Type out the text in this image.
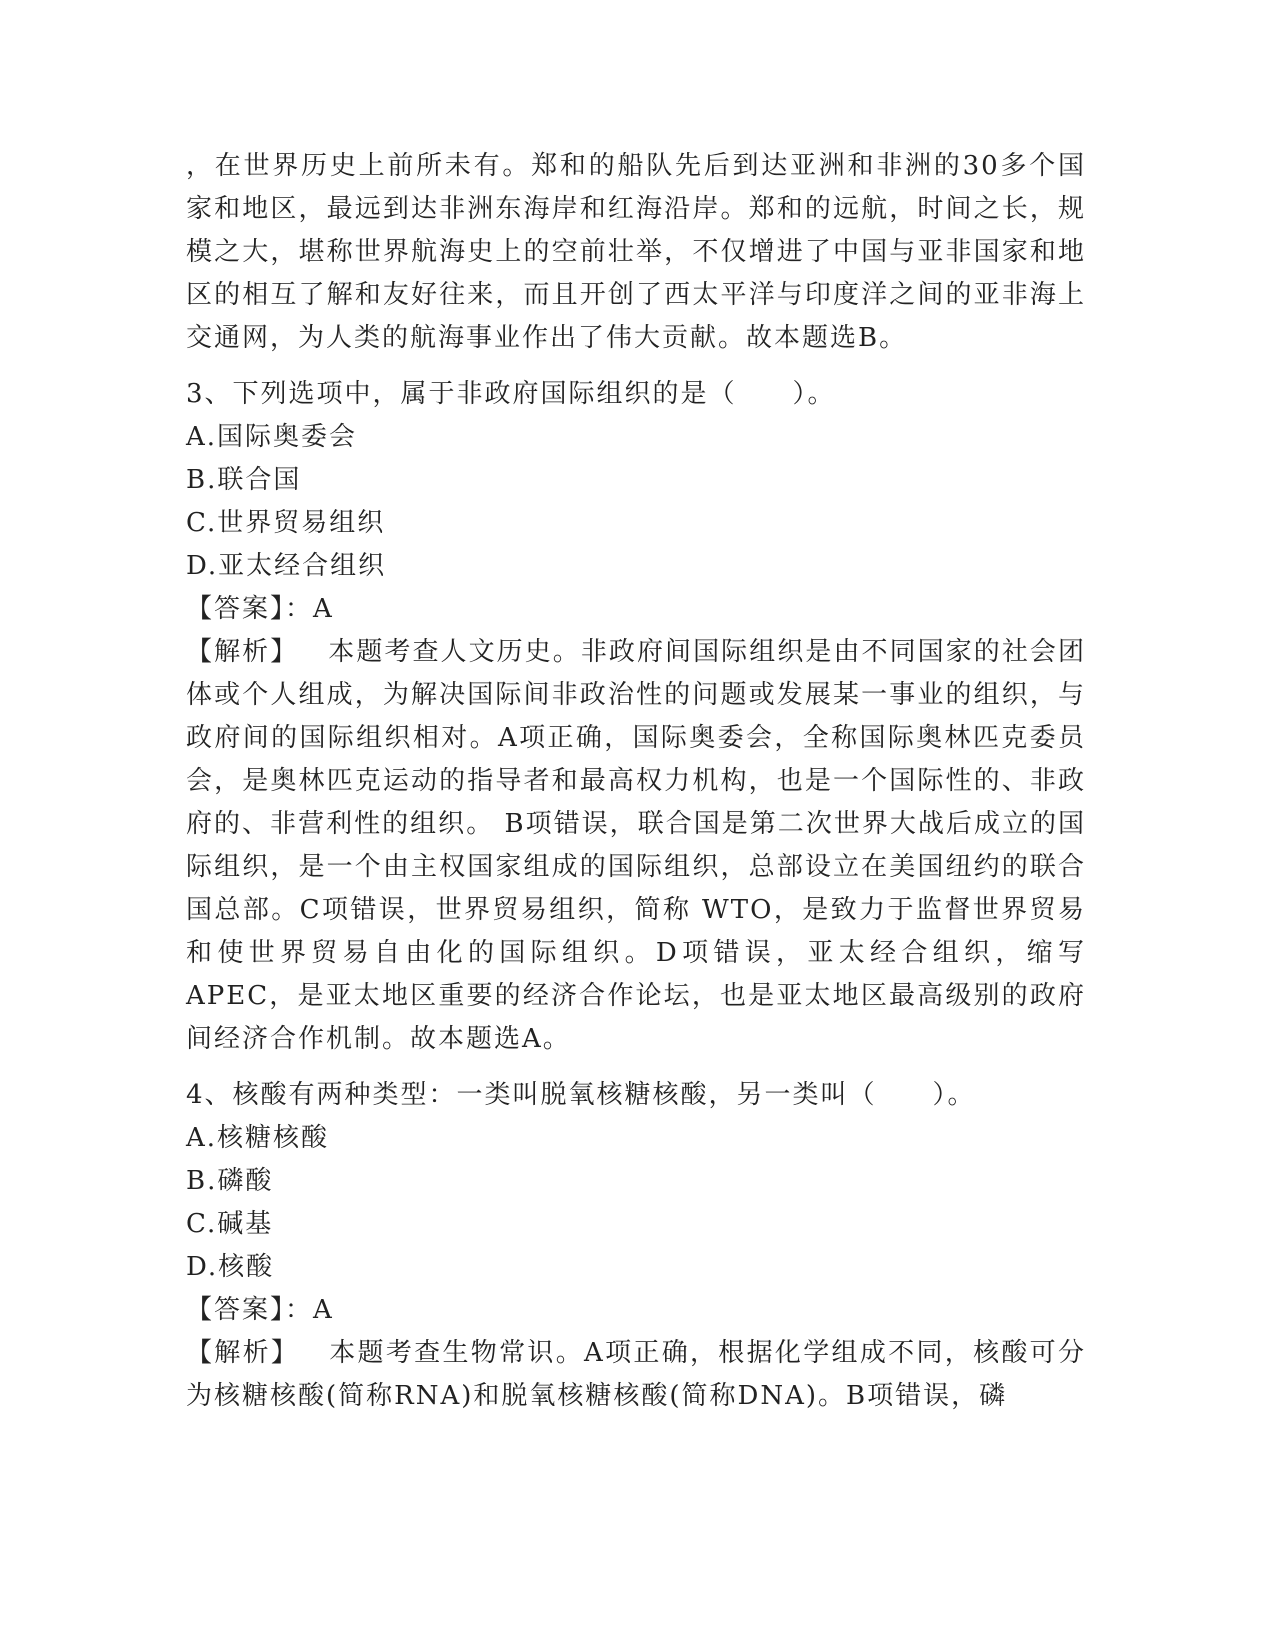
，在世界历史上前所未有。郑和的船队先后到达亚洲和非洲的30多个国家和地区，最远到达非洲东海岸和红海沿岸。郑和的远航，时间之长，规模之大，堪称世界航海史上的空前壮举，不仅增进了中国与亚非国家和地区的相互了解和友好往来，而且开创了西太平洋与印度洋之间的亚非海上交通网，为人类的航海事业作出了伟大贡献。故本题选B。

3、下列选项中，属于非政府国际组织的是（　　）。

A.国际奥委会

B.联合国

C.世界贸易组织

D.亚太经合组织

【答案】：A

【解析】 本题考查人文历史。非政府间国际组织是由不同国家的社会团体或个人组成，为解决国际间非政治性的问题或发展某一事业的组织，与政府间的国际组织相对。A项正确，国际奥委会，全称国际奥林匹克委员会，是奥林匹克运动的指导者和最高权力机构，也是一个国际性的、非政府的、非营利性的组织。 B项错误，联合国是第二次世界大战后成立的国际组织，是一个由主权国家组成的国际组织，总部设立在美国纽约的联合国总部。C项错误，世界贸易组织，简称 WTO，是致力于监督世界贸易和使世界贸易自由化的国际组织。D项错误，亚太经合组织，缩写APEC，是亚太地区重要的经济合作论坛，也是亚太地区最高级别的政府间经济合作机制。故本题选A。

4、核酸有两种类型：一类叫脱氧核糖核酸，另一类叫（　　）。

A.核糖核酸

B.磷酸

C.碱基

D.核酸

【答案】：A

【解析】 本题考查生物常识。A项正确，根据化学组成不同，核酸可分为核糖核酸(简称RNA)和脱氧核糖核酸(简称DNA)。B项错误，磷
